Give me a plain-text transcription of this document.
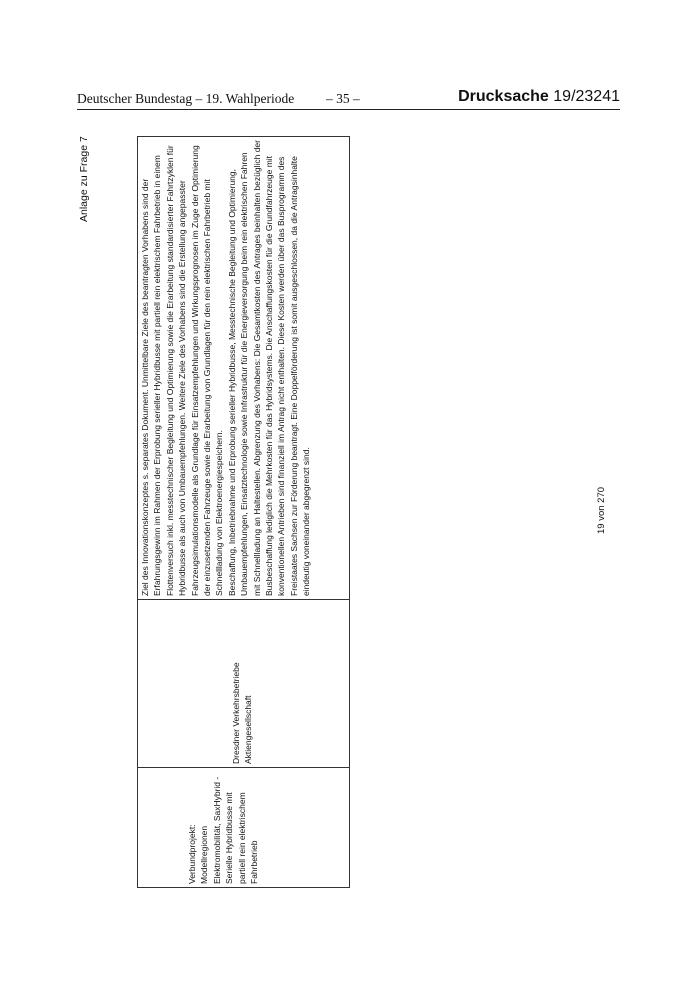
Deutscher Bundestag – 19. Wahlperiode – 35 –	Drucksache 19/23241
Anlage zu Frage 7
Verbundprojekt: Modellregionen Elektromobilität, SaxHybrid - Serielle Hybridbusse mit partiell rein elektrischem Fahrbetrieb
Dresdner Verkehrsbetriebe Aktiengesellschaft
Ziel des Innovationskonzeptes s. separates Dokument. Unmittelbare Ziele des beantragten Vorhabens sind der Erfahrungsgewinn im Rahmen der Erprobung serieller Hybridbusse mit partiell rein elektrischem Fahrbetrieb in einem Flottenversuch inkl. messtechnischer Begleitung und Optimierung sowie die Erarbeitung standardisierter Fahrtzyklen für Hybridbusse als auch von Umbauempfehlungen. Weitere Ziele des Vorhabens sind die Erstellung angepasster Fahrzeugsimulationsmodelle als Grundlage für Einsatzempfehlungen und Wirkungsprognosen im Zuge der Optimierung der einzusetzenden Fahrzeuge sowie die Erarbeitung von Grundlagen für den rein elektrischen Fahrbetrieb mit Schnellladung von Elektroenergiespeichern. Beschaffung, Inbetriebnahme und Erprobung serieller Hybridbusse, Messtechnische Begleitung und Optimierung, Umbauempfehlungen, Einsatztechnologie sowie Infrastruktur für die Energieversorgung beim rein elektrischen Fahren mit Schnellladung an Haltestellen. Abgrenzung des Vorhabens: Die Gesamtkosten des Antrages beinhalten bezüglich der Busbeschaffung lediglich die Mehrkosten für das Hybridsystems. Die Anschaffungskosten für die Grundfahrzeuge mit konventionellen Antrieben sind finanziell im Antrag nicht enthalten. Diese Kosten werden über das Busprogramm des Freistaates Sachsen zur Förderung beantragt. Eine Doppelförderung ist somit ausgeschlossen, da die Antragsinhalte eindeutig voneinander abgegrenzt sind.	19 von 270
